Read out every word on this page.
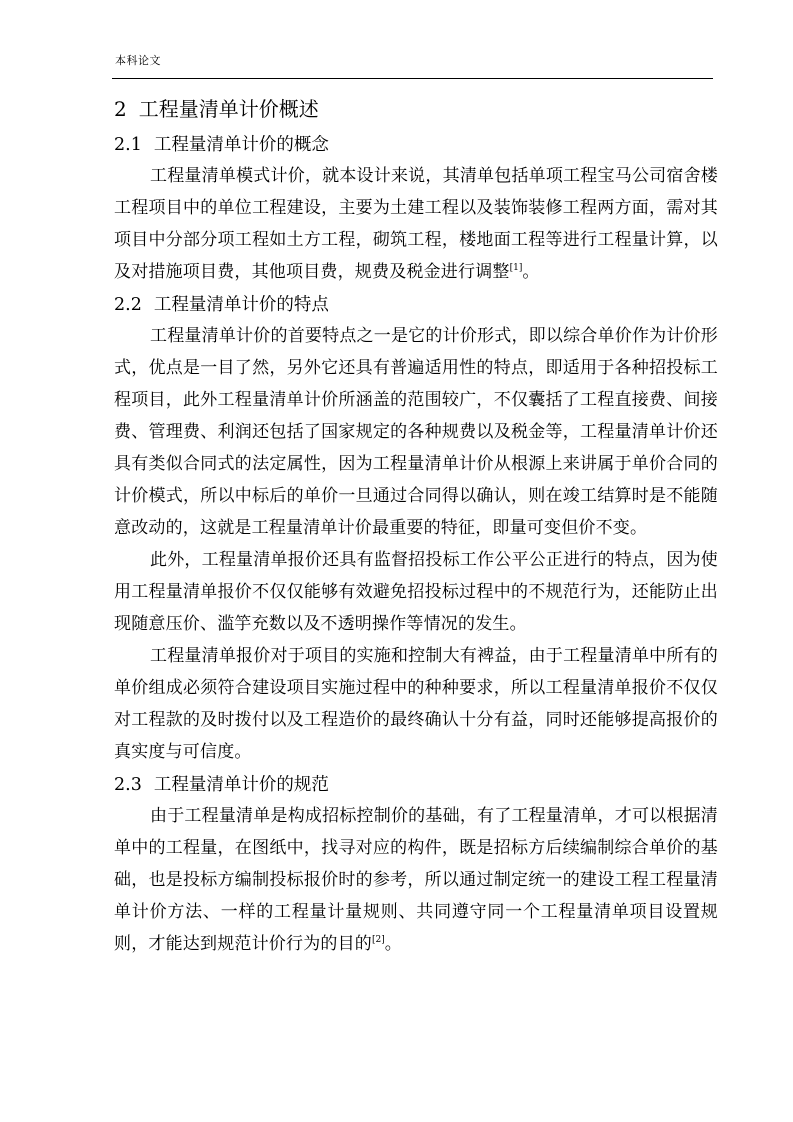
本科论文
2 工程量清单计价概述
2.1 工程量清单计价的概念

工程量清单模式计价，就本设计来说，其清单包括单项工程宝马公司宿舍楼工程项目中的单位工程建设，主要为土建工程以及装饰装修工程两方面，需对其项目中分部分项工程如土方工程，砌筑工程，楼地面工程等进行工程量计算，以及对措施项目费，其他项目费，规费及税金进行调整[1]。

2.2 工程量清单计价的特点

工程量清单计价的首要特点之一是它的计价形式，即以综合单价作为计价形式，优点是一目了然，另外它还具有普遍适用性的特点，即适用于各种招投标工程项目，此外工程量清单计价所涵盖的范围较广，不仅囊括了工程直接费、间接费、管理费、利润还包括了国家规定的各种规费以及税金等，工程量清单计价还具有类似合同式的法定属性，因为工程量清单计价从根源上来讲属于单价合同的计价模式，所以中标后的单价一旦通过合同得以确认，则在竣工结算时是不能随意改动的，这就是工程量清单计价最重要的特征，即量可变但价不变。

此外，工程量清单报价还具有监督招投标工作公平公正进行的特点，因为使用工程量清单报价不仅仅能够有效避免招投标过程中的不规范行为，还能防止出现随意压价、滥竽充数以及不透明操作等情况的发生。

工程量清单报价对于项目的实施和控制大有裨益，由于工程量清单中所有的单价组成必须符合建设项目实施过程中的种种要求，所以工程量清单报价不仅仅对工程款的及时拨付以及工程造价的最终确认十分有益，同时还能够提高报价的真实度与可信度。

2.3 工程量清单计价的规范

由于工程量清单是构成招标控制价的基础，有了工程量清单，才可以根据清单中的工程量，在图纸中，找寻对应的构件，既是招标方后续编制综合单价的基础，也是投标方编制投标报价时的参考，所以通过制定统一的建设工程工程量清单计价方法、一样的工程量计量规则、共同遵守同一个工程量清单项目设置规则，才能达到规范计价行为的目的[2]。
